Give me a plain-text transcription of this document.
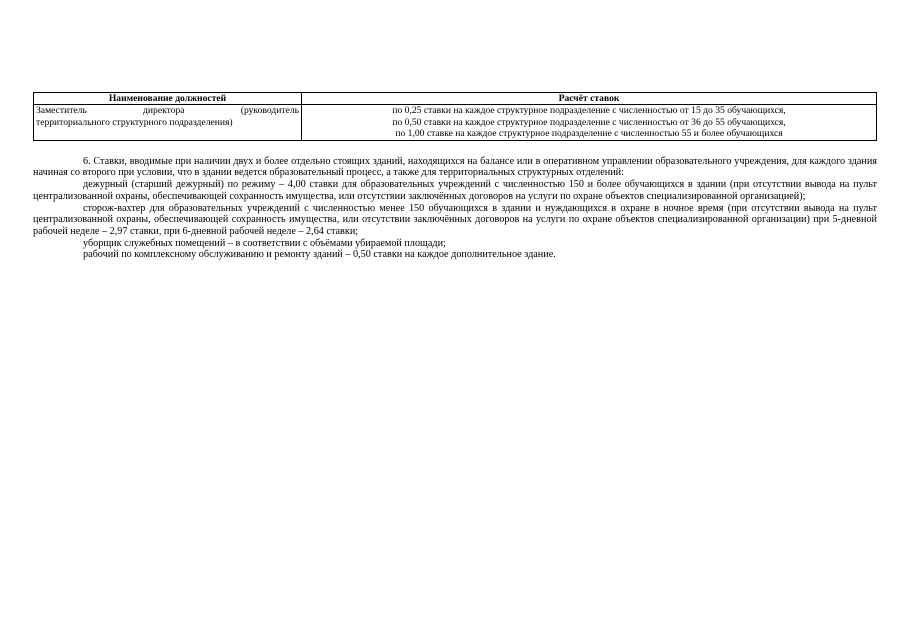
Наименование должностей	Расчёт ставок

Заместитель директора (руководитель
территориального структурного подразделения)	по 0,25 ставки на каждое структурное подразделение с численностью от 15 до 35 обучающихся,
по 0,50 ставки на каждое структурное подразделение с численностью от 36 до 55 обучающихся,
по 1,00 ставке на каждое структурное подразделение с численностью 55 и более обучающихся

6. Ставки, вводимые при наличии двух и более отдельно стоящих зданий, находящихся на балансе или в оперативном управлении образовательного учреждения, для каждого здания начиная со второго при условии, что в здании ведется образовательный процесс, а также для территориальных структурных отделений:

дежурный (старший дежурный) по режиму – 4,00 ставки для образовательных учреждений с численностью 150 и более обучающихся в здании (при отсутствии вывода на пульт централизованной охраны, обеспечивающей сохранность имущества, или отсутствии заключённых договоров на услуги по охране объектов специализированной организацией);

сторож-вахтер для образовательных учреждений с численностью менее 150 обучающихся в здании и нуждающихся в охране в ночное время (при отсутствии вывода на пульт централизованной охраны, обеспечивающей сохранность имущества, или отсутствии заключённых договоров на услуги по охране объектов специализированной организации) при 5-дневной рабочей неделе – 2,97 ставки, при 6-дневной рабочей неделе – 2,64 ставки;

уборщик служебных помещений – в соответствии с объёмами убираемой площади;

рабочий по комплексному обслуживанию и ремонту зданий – 0,50 ставки на каждое дополнительное здание.
